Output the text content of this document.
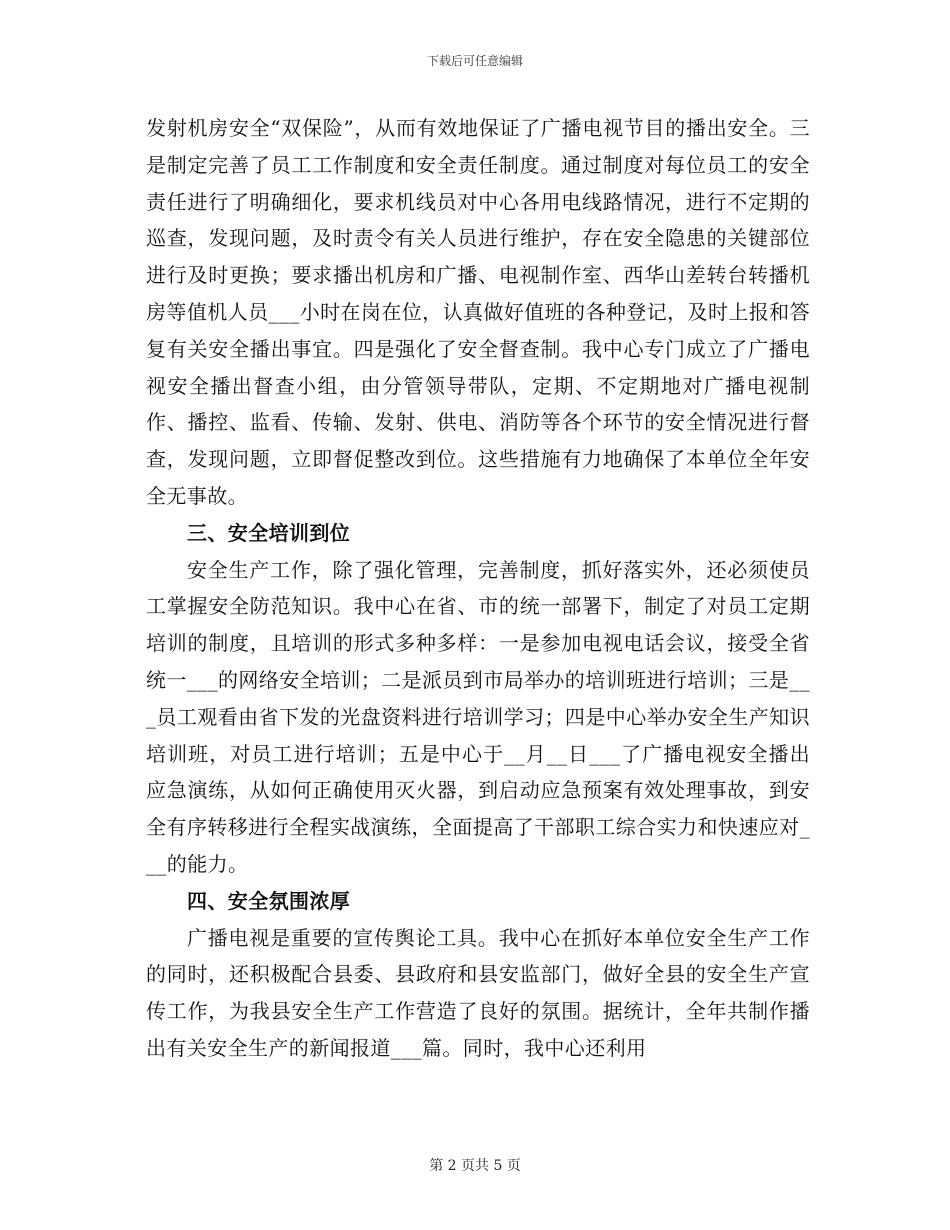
下载后可任意编辑

发射机房安全“双保险”，从而有效地保证了广播电视节目的播出安全。三是制定完善了员工工作制度和安全责任制度。通过制度对每位员工的安全责任进行了明确细化，要求机线员对中心各用电线路情况，进行不定期的巡查，发现问题，及时责令有关人员进行维护，存在安全隐患的关键部位进行及时更换；要求播出机房和广播、电视制作室、西华山差转台转播机房等值机人员___小时在岗在位，认真做好值班的各种登记，及时上报和答复有关安全播出事宜。四是强化了安全督查制。我中心专门成立了广播电视安全播出督查小组，由分管领导带队，定期、不定期地对广播电视制作、播控、监看、传输、发射、供电、消防等各个环节的安全情况进行督查，发现问题，立即督促整改到位。这些措施有力地确保了本单位全年安全无事故。

三、安全培训到位

安全生产工作，除了强化管理，完善制度，抓好落实外，还必须使员工掌握安全防范知识。我中心在省、市的统一部署下，制定了对员工定期培训的制度，且培训的形式多种多样：一是参加电视电话会议，接受全省统一___的网络安全培训；二是派员到市局举办的培训班进行培训；三是___员工观看由省下发的光盘资料进行培训学习；四是中心举办安全生产知识培训班，对员工进行培训；五是中心于__月__日___了广播电视安全播出应急演练，从如何正确使用灭火器，到启动应急预案有效处理事故，到安全有序转移进行全程实战演练，全面提高了干部职工综合实力和快速应对___的能力。

四、安全氛围浓厚

广播电视是重要的宣传舆论工具。我中心在抓好本单位安全生产工作的同时，还积极配合县委、县政府和县安监部门，做好全县的安全生产宣传工作，为我县安全生产工作营造了良好的氛围。据统计，全年共制作播出有关安全生产的新闻报道___篇。同时，我中心还利用

第 2 页共 5 页
